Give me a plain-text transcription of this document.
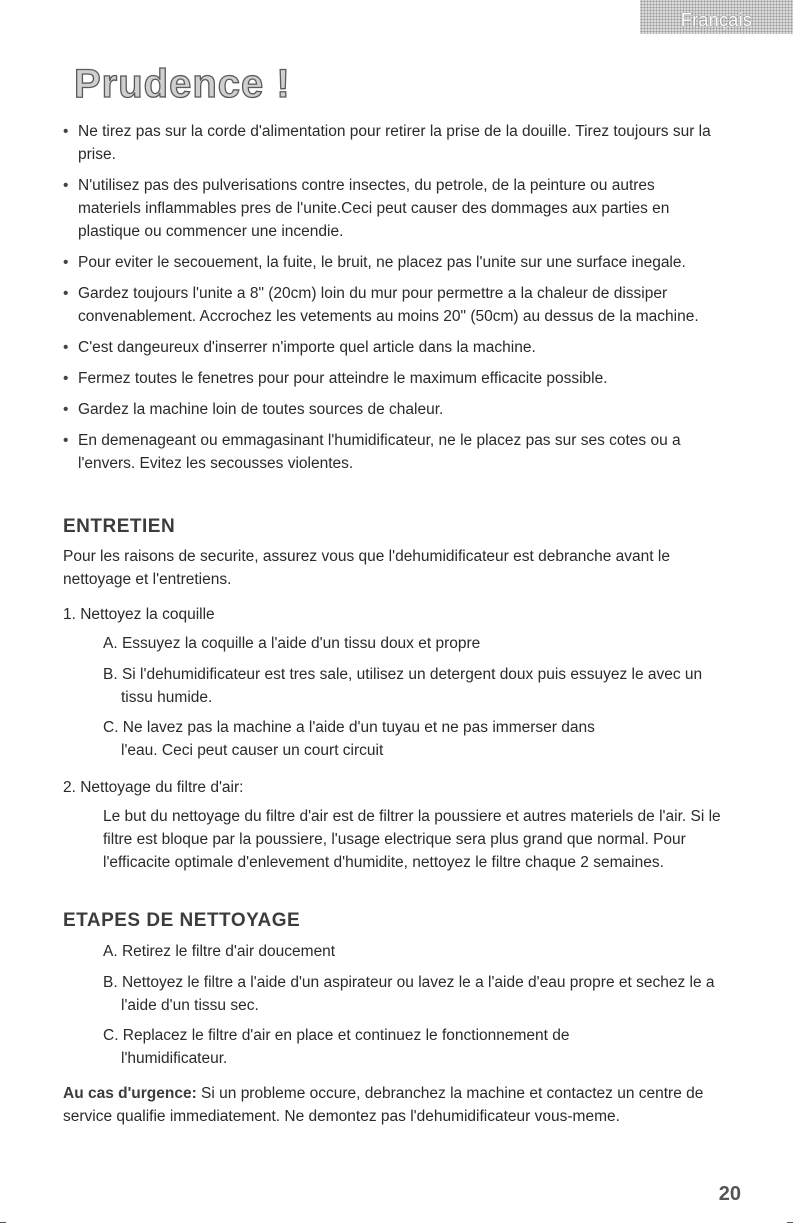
Français
Prudence !
• Ne tirez pas sur la corde d'alimentation pour retirer la prise de la douille. Tirez toujours sur la prise.
• N'utilisez pas des pulverisations contre insectes, du petrole, de la peinture ou autres materiels inflammables pres de l'unite.Ceci peut causer des dommages aux parties en plastique ou commencer une incendie.
• Pour eviter le secouement, la fuite, le bruit, ne placez pas l'unite sur une surface inegale.
• Gardez toujours l'unite a 8" (20cm) loin du mur pour permettre a la chaleur de dissiper convenablement. Accrochez les vetements au moins 20" (50cm) au dessus de la machine.
• C'est dangeureux d'inserrer n'importe quel article dans la machine.
• Fermez toutes le fenetres pour pour atteindre le maximum efficacite possible.
• Gardez la machine loin de toutes sources de chaleur.
• En demenageant ou emmagasinant l'humidificateur, ne le placez pas sur ses cotes ou a l'envers. Evitez les secousses violentes.
ENTRETIEN
Pour les raisons de securite, assurez vous que l'dehumidificateur est debranche avant le nettoyage et l'entretiens.
1. Nettoyez la coquille
A. Essuyez la coquille a l'aide d'un tissu doux et propre
B. Si l'dehumidificateur est tres sale, utilisez un detergent doux puis essuyez le avec un tissu humide.
C. Ne lavez pas la machine a l'aide d'un tuyau et ne pas immerser dans l'eau. Ceci peut causer un court circuit
2. Nettoyage du filtre d'air:
Le but du nettoyage du filtre d'air est de filtrer la poussiere et autres materiels de l'air. Si le filtre est bloque par la poussiere, l'usage electrique sera plus grand que normal. Pour l'efficacite optimale d'enlevement d'humidite, nettoyez le filtre chaque 2 semaines.
ETAPES DE NETTOYAGE
A. Retirez le filtre d'air doucement
B. Nettoyez le filtre a l'aide d'un aspirateur ou lavez le a l'aide d'eau propre et sechez le a l'aide d'un tissu sec.
C. Replacez le filtre d'air en place et continuez le fonctionnement de l'humidificateur.
Au cas d'urgence: Si un probleme occure, debranchez la machine et contactez un centre de service qualifie immediatement. Ne demontez pas l'dehumidificateur vous-meme.
20
